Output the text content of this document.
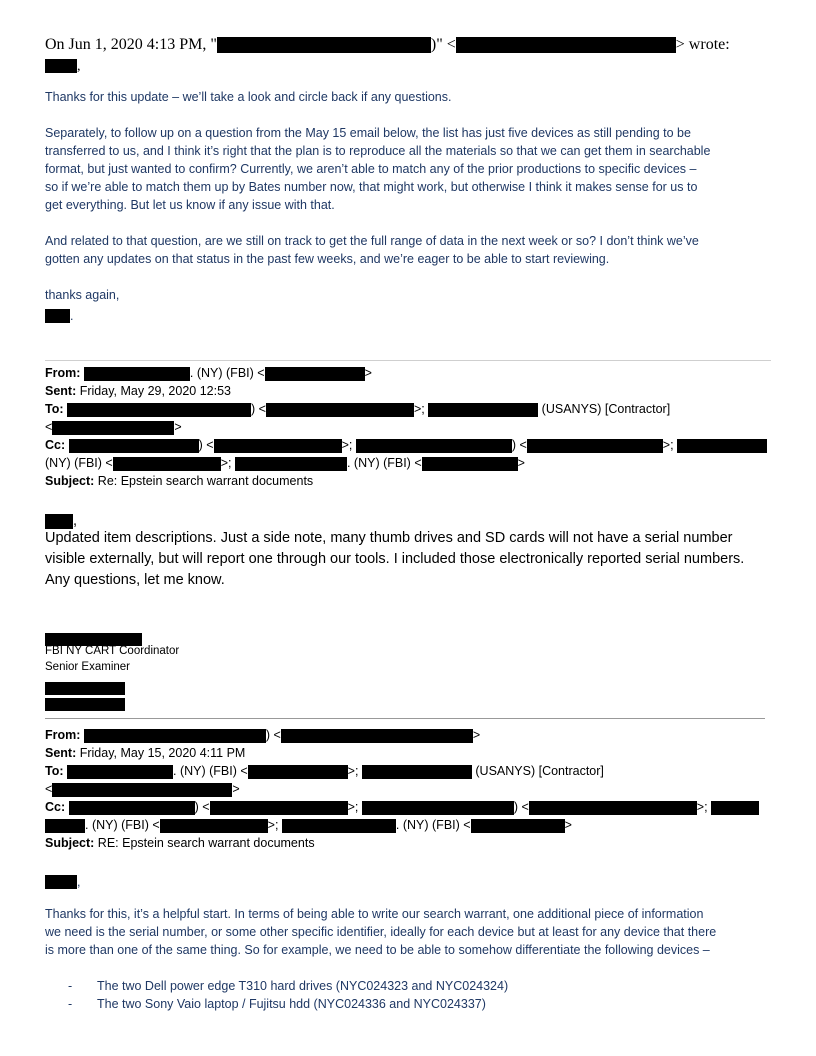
On Jun 1, 2020 4:13 PM, "	)" <	> wrote:
,
Thanks for this update – we’ll take a look and circle back if any questions.
Separately, to follow up on a question from the May 15 email below, the list has just five devices as still pending to be
transferred to us, and I think it’s right that the plan is to reproduce all the materials so that we can get them in searchable
format, but just wanted to confirm? Currently, we aren’t able to match any of the prior productions to specific devices –
so if we’re able to match them up by Bates number now, that might work, but otherwise I think it makes sense for us to
get everything. But let us know if any issue with that.
And related to that question, are we still on track to get the full range of data in the next week or so? I don’t think we’ve
gotten any updates on that status in the past few weeks, and we’re eager to be able to start reviewing.
thanks again,
.
From:	. (NY) (FBI) <	>
Sent: Friday, May 29, 2020 12:53
To:	) <	>;	(USANYS) [Contractor]
<	>
Cc:	) <	>;	) <	>;
(NY) (FBI) <	>;	. (NY) (FBI) <	>
Subject: Re: Epstein search warrant documents
,
Updated item descriptions. Just a side note, many thumb drives and SD cards will not have a serial number
visible externally, but will report one through our tools. I included those electronically reported serial numbers.
Any questions, let me know.
FBI NY CART Coordinator
Senior Examiner
From:	) <	>
Sent: Friday, May 15, 2020 4:11 PM
To:	. (NY) (FBI) <	>;	(USANYS) [Contractor]
<	>
Cc:	) <	>;	) <	>;
. (NY) (FBI) <	>;	. (NY) (FBI) <	>
Subject: RE: Epstein search warrant documents
,
Thanks for this, it’s a helpful start. In terms of being able to write our search warrant, one additional piece of information
we need is the serial number, or some other specific identifier, ideally for each device but at least for any device that there
is more than one of the same thing. So for example, we need to be able to somehow differentiate the following devices –
- The two Dell power edge T310 hard drives (NYC024323 and NYC024324)
- The two Sony Vaio laptop / Fujitsu hdd (NYC024336 and NYC024337)
